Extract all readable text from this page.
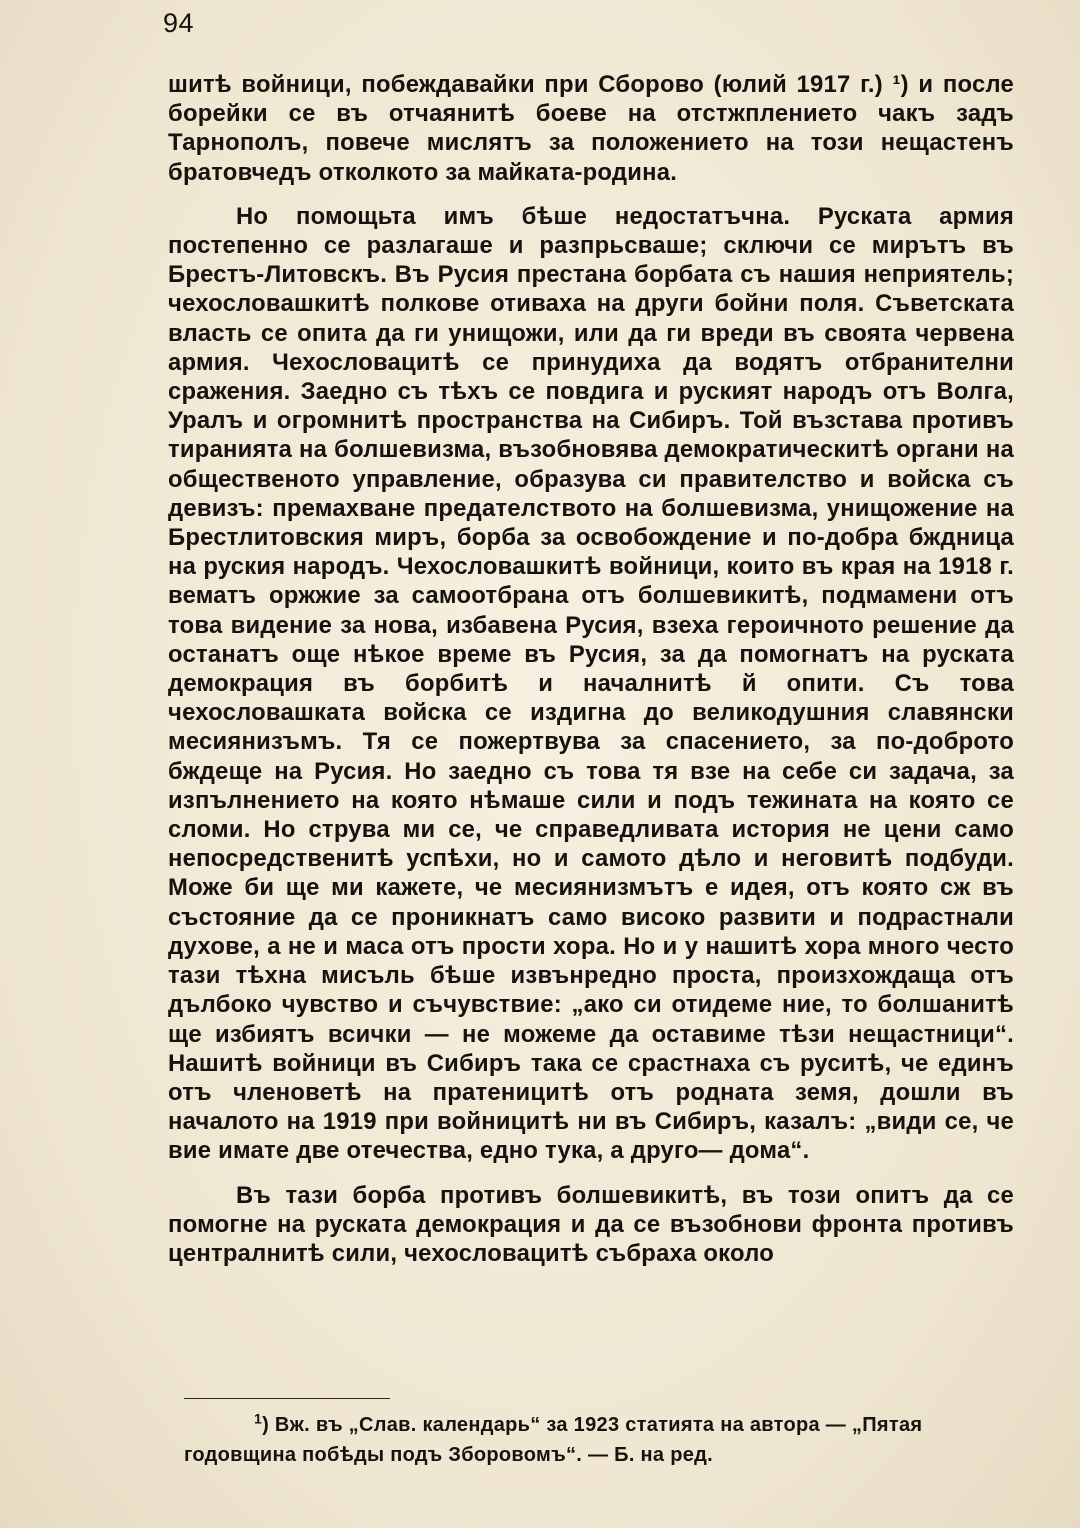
94

шитѣ войници, побеждавайки при Сборово (юлий 1917 г.) ¹) и после борейки се въ отчаянитѣ боеве на отстжплението чакъ задъ Тарнополъ, повече мислятъ за положението на този нещастенъ братовчедъ отколкото за майката-родина.

Но помощьта имъ бѣше недостатъчна. Руската армия постепенно се разлагаше и разпрьсваше; сключи се мирътъ въ Брестъ-Литовскъ. Въ Русия престана борбата съ нашия неприятель; чехословашкитѣ полкове отиваха на други бойни поля. Съветската власть се опита да ги унищожи, или да ги вреди въ своята червена армия. Чехословацитѣ се принудиха да водятъ отбранителни сражения. Заедно съ тѣхъ се повдига и руският народъ отъ Волга, Уралъ и огромнитѣ пространства на Сибиръ. Той възстава противъ тиранията на болшевизма, възобновява демократическитѣ органи на общественото управление, образува си правителство и войска съ девизъ: премахване предателството на болшевизма, унищожение на Брестлитовския миръ, борба за освобождение и по-добра бждница на руския народъ. Чехословашкитѣ войници, които въ края на 1918 г. вематъ оржжие за самоотбрана отъ болшевикитѣ, подмамени отъ това видение за нова, избавена Русия, взеха героичното решение да останатъ още нѣкое време въ Русия, за да помогнатъ на руската демокрация въ борбитѣ и началнитѣ й опити. Съ това чехословашката войска се издигна до великодушния славянски месиянизъмъ. Тя се пожертвува за спасението, за по-доброто бждеще на Русия. Но заедно съ това тя взе на себе си задача, за изпълнението на която нѣмаше сили и подъ тежината на която се сломи. Но струва ми се, че справедливата история не цени само непосредственитѣ успѣхи, но и самото дѣло и неговитѣ подбуди. Може би ще ми кажете, че месиянизмътъ е идея, отъ която сж въ състояние да се проникнатъ само високо развити и подрастнали духове, а не и маса отъ прости хора. Но и у нашитѣ хора много често тази тѣхна мисъль бѣше извънредно проста, произхождаща отъ дълбоко чувство и съчувствие: „ако си отидеме ние, то болшанитѣ ще избиятъ всички — не можеме да оставиме тѣзи нещастници“. Нашитѣ войници въ Сибиръ така се срастнаха съ руситѣ, че единъ отъ членоветѣ на пратеницитѣ отъ родната земя, дошли въ началото на 1919 при войницитѣ ни въ Сибиръ, казалъ: „види се, че вие имате две отечества, едно тука, а друго— дома“.

Въ тази борба противъ болшевикитѣ, въ този опитъ да се помогне на руската демокрация и да се възобнови фронта противъ централнитѣ сили, чехословацитѣ събраха около

$^1$) Вж. въ „Слав. календарь“ за 1923 статията на автора — „Пятая годовщина побѣды подъ Зборовомъ“. — Б. на ред.
